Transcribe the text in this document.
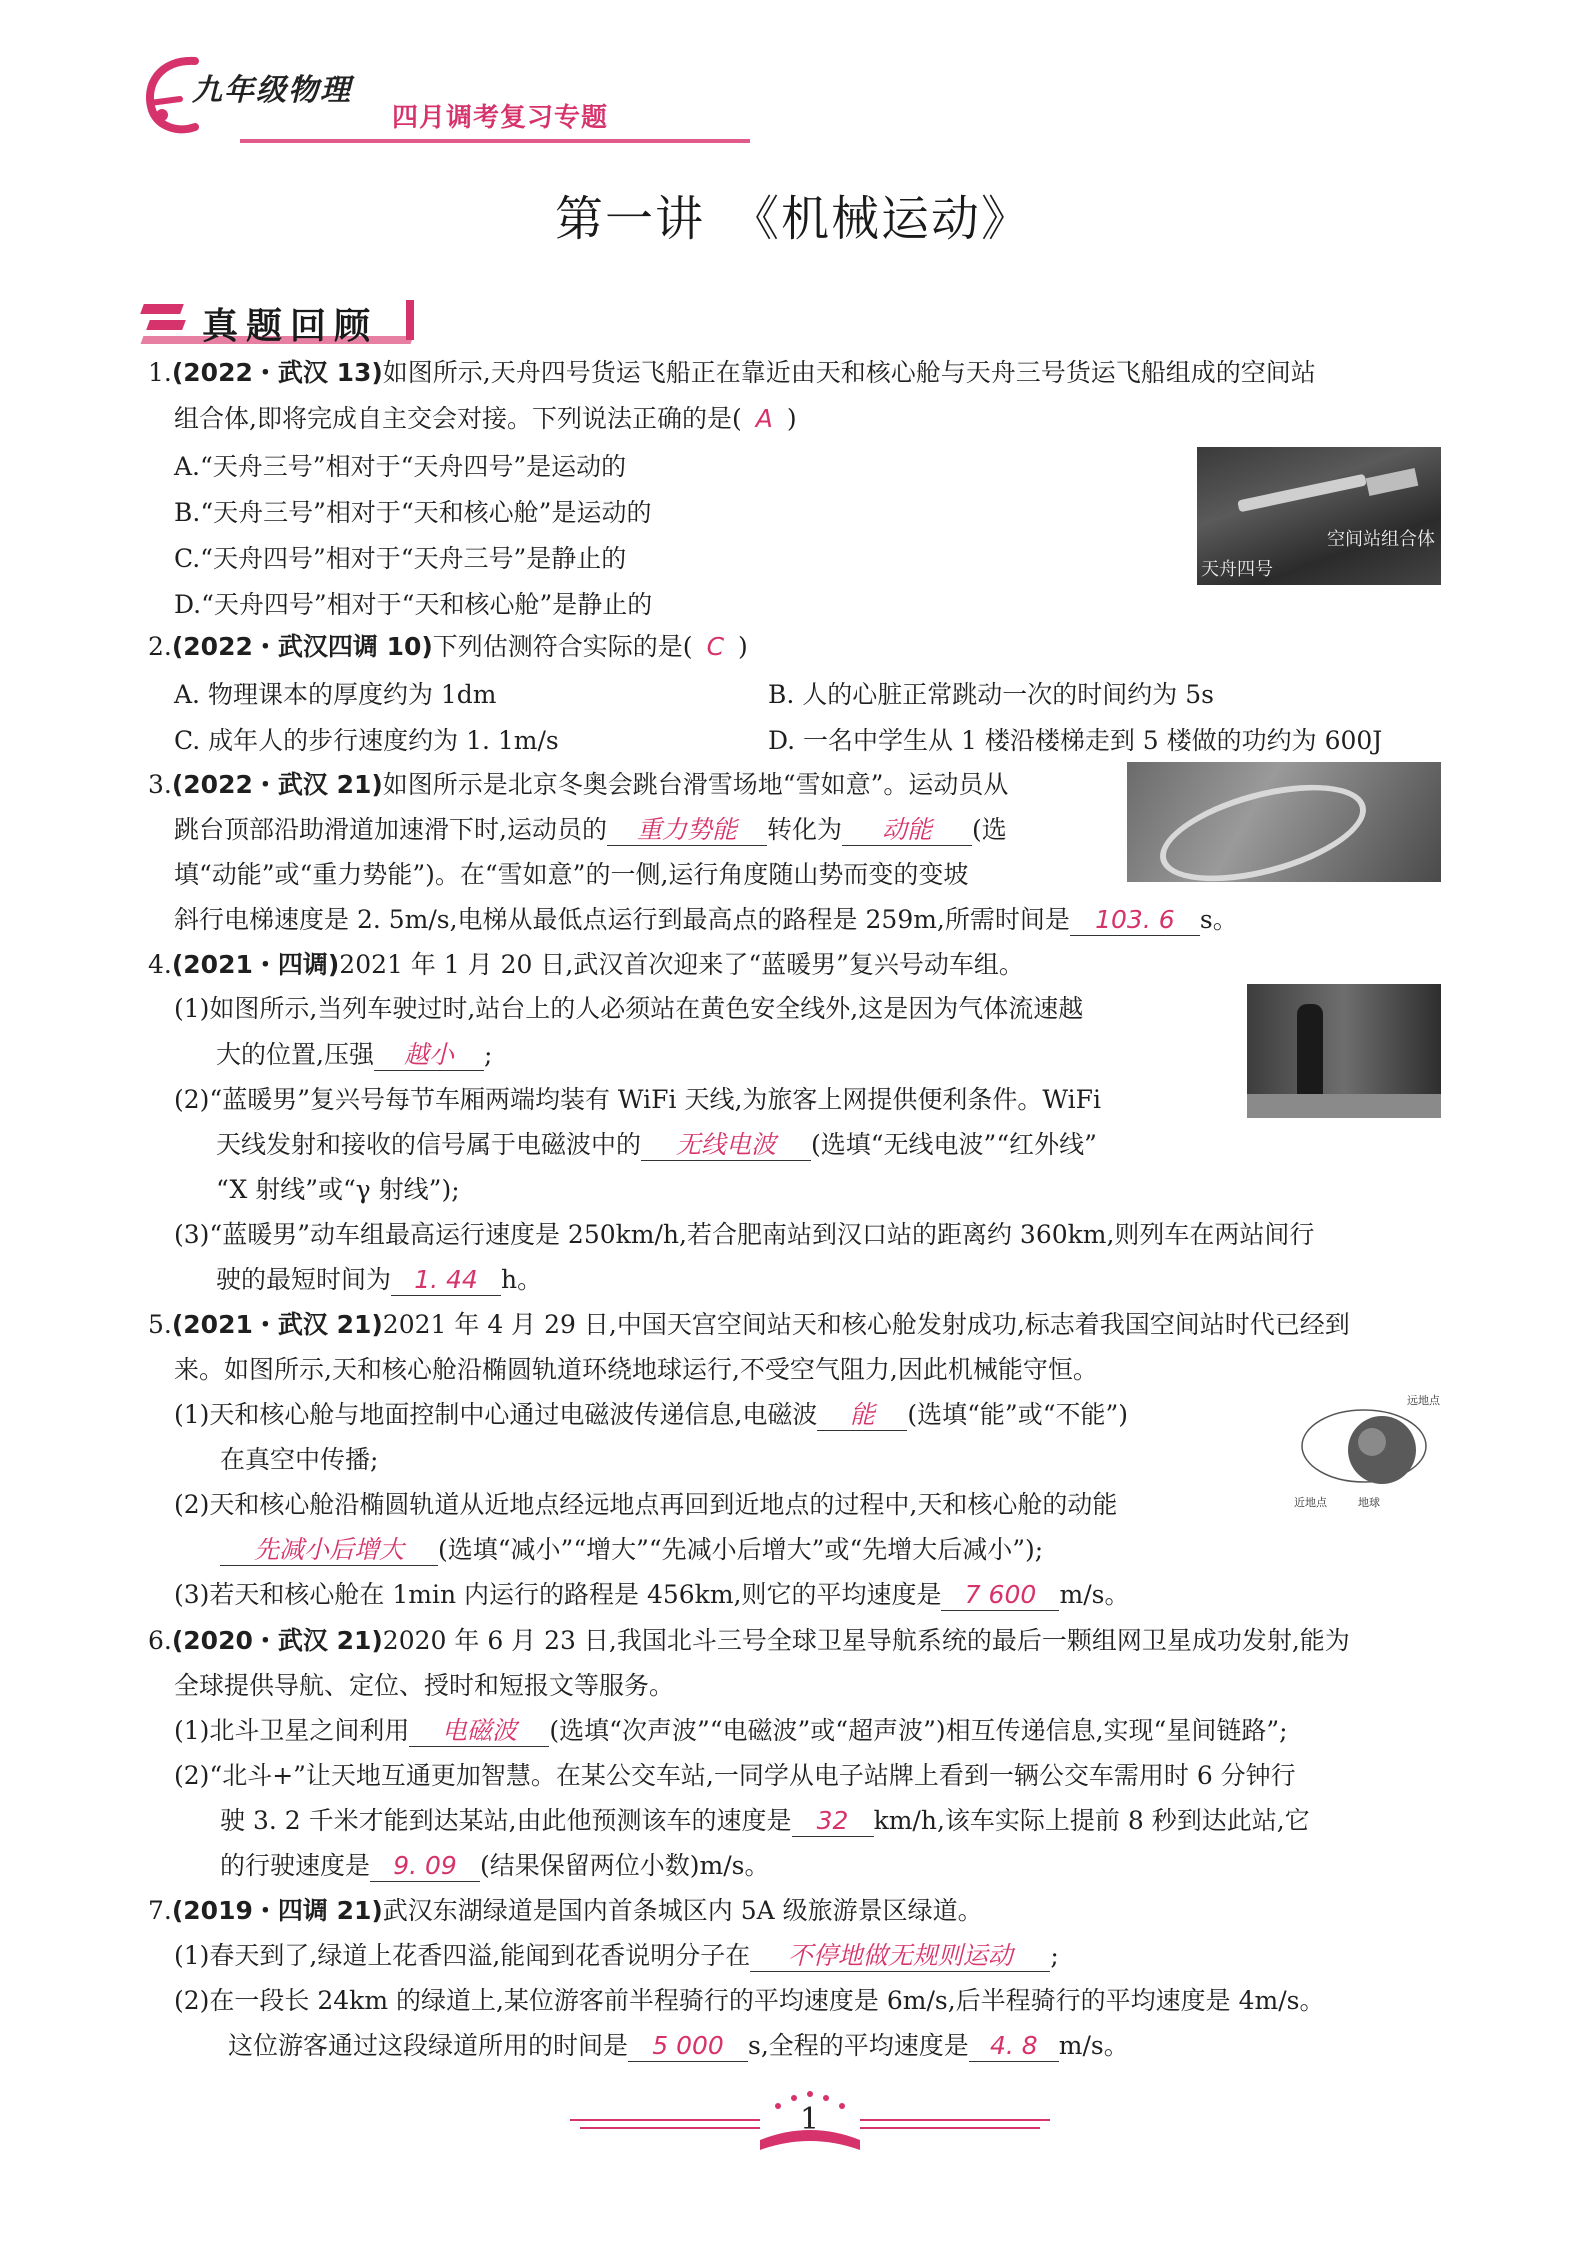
九年级物理
四月调考复习专题
第一讲　《机械运动》
真题回顾
1.(2022・武汉 13)如图所示,天舟四号货运飞船正在靠近由天和核心舱与天舟三号货运飞船组成的空间站
组合体,即将完成自主交会对接。下列说法正确的是( A )
A.“天舟三号”相对于“天舟四号”是运动的
B.“天舟三号”相对于“天和核心舱”是运动的
C.“天舟四号”相对于“天舟三号”是静止的
D.“天舟四号”相对于“天和核心舱”是静止的
空间站组合体
天舟四号
2.(2022・武汉四调 10)下列估测符合实际的是( C )
A. 物理课本的厚度约为 1dm	B. 人的心脏正常跳动一次的时间约为 5s
C. 成年人的步行速度约为 1. 1m/s	D. 一名中学生从 1 楼沿楼梯走到 5 楼做的功约为 600J
3.(2022・武汉 21)如图所示是北京冬奥会跳台滑雪场地“雪如意”。运动员从
跳台顶部沿助滑道加速滑下时,运动员的 重力势能 转化为 动能 (选
填“动能”或“重力势能”)。在“雪如意”的一侧,运行角度随山势而变的变坡
斜行电梯速度是 2. 5m/s,电梯从最低点运行到最高点的路程是 259m,所需时间是 103. 6 s。
4.(2021・四调)2021 年 1 月 20 日,武汉首次迎来了“蓝暖男”复兴号动车组。
(1)如图所示,当列车驶过时,站台上的人必须站在黄色安全线外,这是因为气体流速越
大的位置,压强 越小 ;
(2)“蓝暖男”复兴号每节车厢两端均装有 WiFi 天线,为旅客上网提供便利条件。WiFi
天线发射和接收的信号属于电磁波中的 无线电波 (选填“无线电波”“红外线”
“X 射线”或“γ 射线”);
(3)“蓝暖男”动车组最高运行速度是 250km/h,若合肥南站到汉口站的距离约 360km,则列车在两站间行
驶的最短时间为 1. 44 h。
5.(2021・武汉 21)2021 年 4 月 29 日,中国天宫空间站天和核心舱发射成功,标志着我国空间站时代已经到
来。如图所示,天和核心舱沿椭圆轨道环绕地球运行,不受空气阻力,因此机械能守恒。
(1)天和核心舱与地面控制中心通过电磁波传递信息,电磁波 能 (选填“能”或“不能”)
在真空中传播;
(2)天和核心舱沿椭圆轨道从近地点经远地点再回到近地点的过程中,天和核心舱的动能
先减小后增大 (选填“减小”“增大”“先减小后增大”或“先增大后减小”);
(3)若天和核心舱在 1min 内运行的路程是 456km,则它的平均速度是 7 600 m/s。
远地点
近地点	地球
6.(2020・武汉 21)2020 年 6 月 23 日,我国北斗三号全球卫星导航系统的最后一颗组网卫星成功发射,能为
全球提供导航、定位、授时和短报文等服务。
(1)北斗卫星之间利用 电磁波 (选填“次声波”“电磁波”或“超声波”)相互传递信息,实现“星间链路”;
(2)“北斗+”让天地互通更加智慧。在某公交车站,一同学从电子站牌上看到一辆公交车需用时 6 分钟行
驶 3. 2 千米才能到达某站,由此他预测该车的速度是 32 km/h,该车实际上提前 8 秒到达此站,它
的行驶速度是 9. 09 (结果保留两位小数)m/s。
7.(2019・四调 21)武汉东湖绿道是国内首条城区内 5A 级旅游景区绿道。
(1)春天到了,绿道上花香四溢,能闻到花香说明分子在 不停地做无规则运动 ;
(2)在一段长 24km 的绿道上,某位游客前半程骑行的平均速度是 6m/s,后半程骑行的平均速度是 4m/s。
这位游客通过这段绿道所用的时间是 5 000 s,全程的平均速度是 4. 8 m/s。
1
